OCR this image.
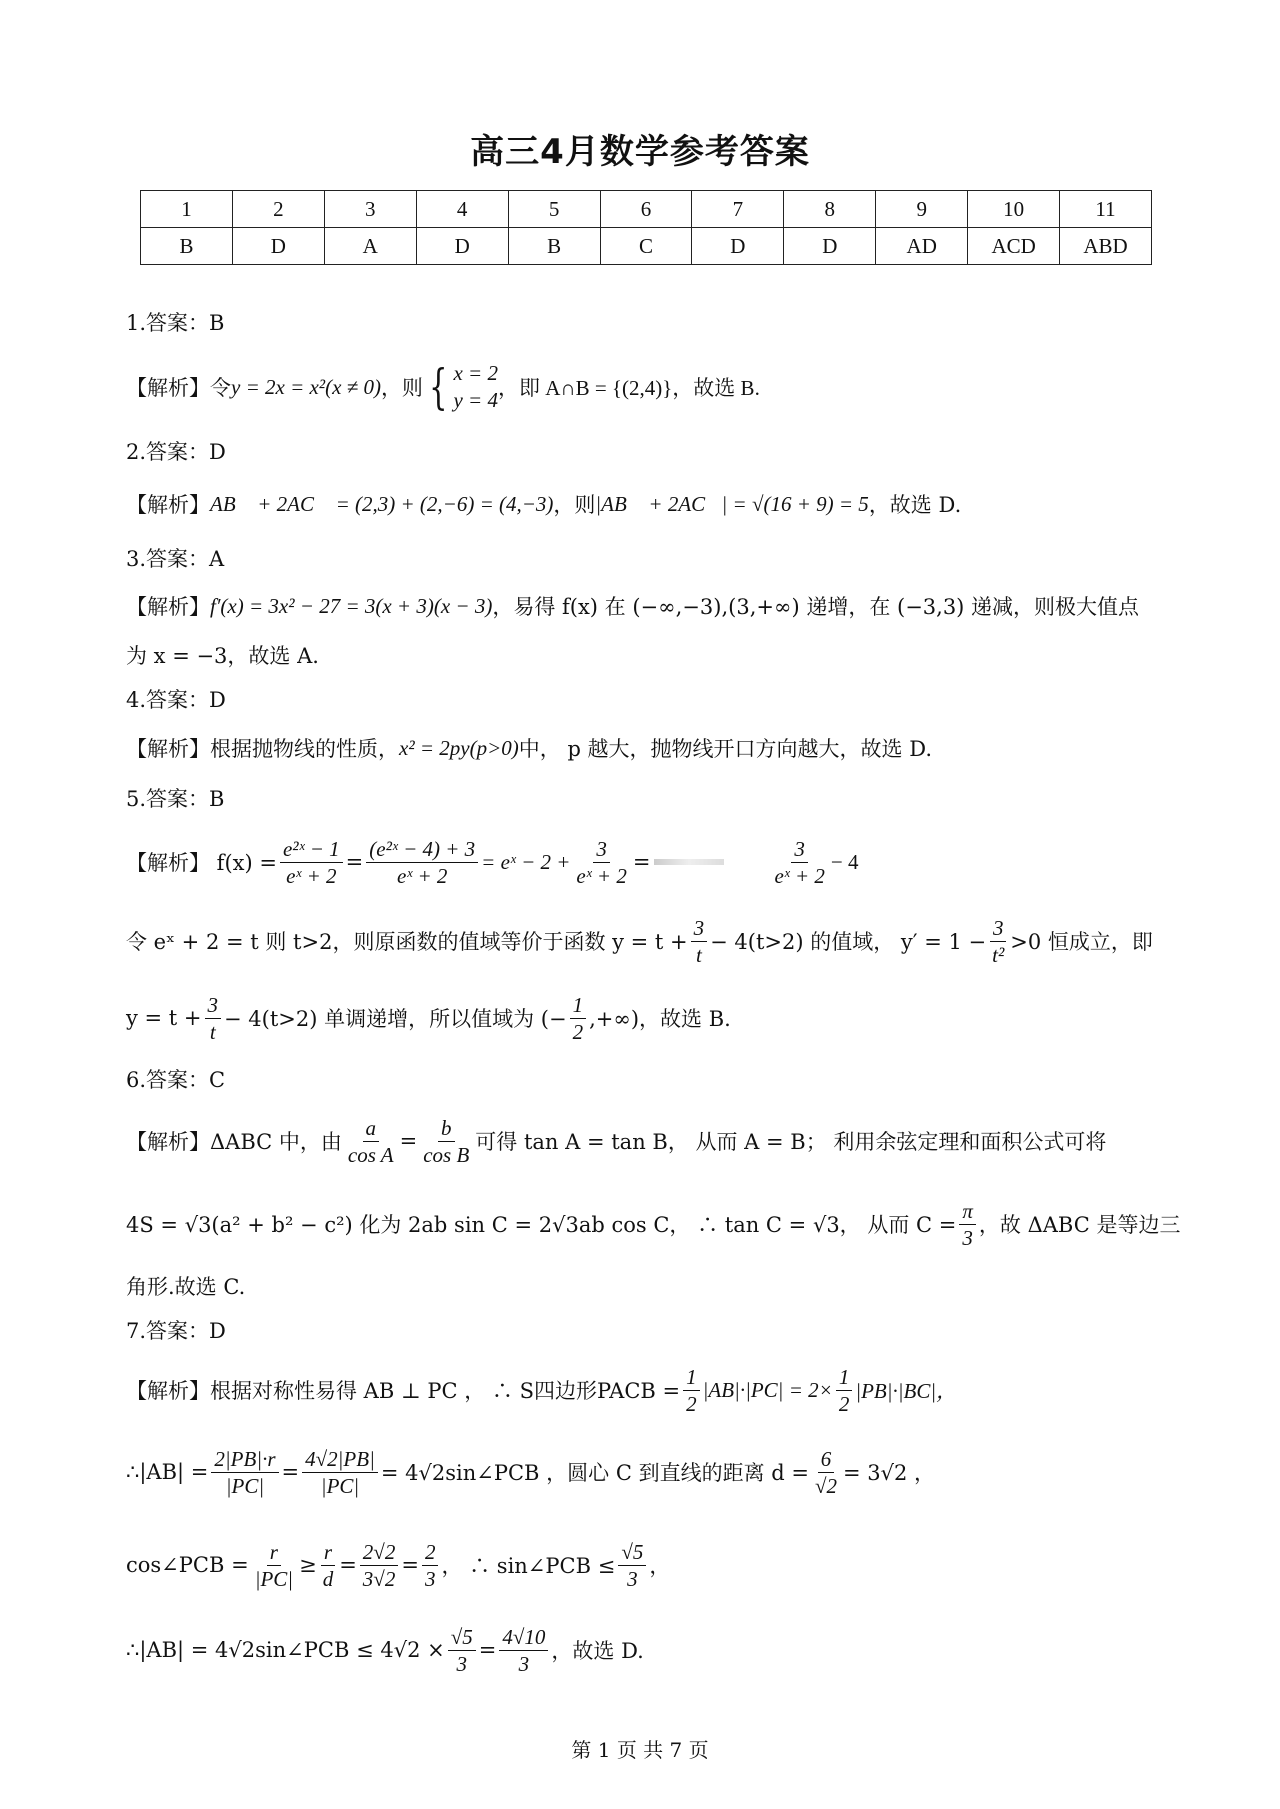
高三4月数学参考答案
1	2	3	4	5	6	7	8	9	10	11
B	D	A	D	B	C	D	D	AD	ACD	ABD
1.答案：B
【解析】令 y = 2x = x²(x ≠ 0) ，则 { x = 2
y = 4 ，即 A∩B = {(2,4)}，故选 B.
2.答案：D
【解析】 AB⃗ + 2AC⃗ = (2,3) + (2,−6) = (4,−3) ，则 |AB⃗ + 2AC⃗| = √(16 + 9) = 5 ，故选 D.
3.答案：A
【解析】 f′(x) = 3x² − 27 = 3(x + 3)(x − 3) ，易得 f(x) 在 (−∞,−3),(3,+∞) 递增，在 (−3,3) 递减，则极大值点
为 x = −3，故选 A.
4.答案：D
【解析】根据抛物线的性质， x² = 2py(p>0) 中， p 越大，抛物线开口方向越大，故选 D.
5.答案：B
【解析】 $f(x) = \frac{\text{e²ˣ − 1}}{\text{eˣ + 2}} = \frac{\text{(e²ˣ − 4) + 3}}{\text{eˣ + 2}}$ = eˣ − $2 + \frac{3}{\text{eˣ + 2}}$ =	$\frac{3}{\text{eˣ + 2}} - 4$
令 eˣ + 2 = t 则 t>2，则原函数的值域等价于函数 $y = t + \frac{3}{t} - 4(t>2)$ 的值域， $y' = 1 - \frac{3}{\text{t²}} >0$ 恒成立，即
$y = t + \frac{3}{t} - 4(t>2)$ 单调递增，所以值域为 (− $\frac{1}{2}$ ,+∞)，故选 B.
6.答案：C
【解析】ΔABC 中，由 $\frac{a}{\text{cos A}} = \frac{b}{\text{cos B}}$ 可得 tan A = tan B， 从而 A = B； 利用余弦定理和面积公式可将
4S = √3(a² + b² − c²) 化为 2ab sin C = 2√3ab cos C， ∴ tan C = √3， 从而 $C = \frac{\pi}{3}$ ，故 ΔABC 是等边三
角形.故选 C.
7.答案：D
【解析】根据对称性易得 AB ⊥ PC ， ∴ S四边形PACB = $\frac{1}{2} |AB|\cdot|PC| = 2\times \frac{1}{2} |PB|\cdot|BC|$，
∴|AB| = $\frac{2|PB|\cdot r}{|PC|} = \frac{4√2|PB|}{|PC|}$ = 4√2sin∠PCB ，圆心 C 到直线的距离 $d = \frac{6}{√2} = 3√2$ ，
cos∠PCB = $\frac{r}{|PC|} \ge \frac{r}{d} = \frac{2√2}{3√2} = \frac{2}{3}$ ， ∴ sin∠PCB ≤ $\frac{√5}{3}$ ，
∴|AB| = 4√2sin∠PCB ≤ $4√2 \times \frac{√5}{3} = \frac{4√10}{3}$ ，故选 D.
第 1 页 共 7 页
